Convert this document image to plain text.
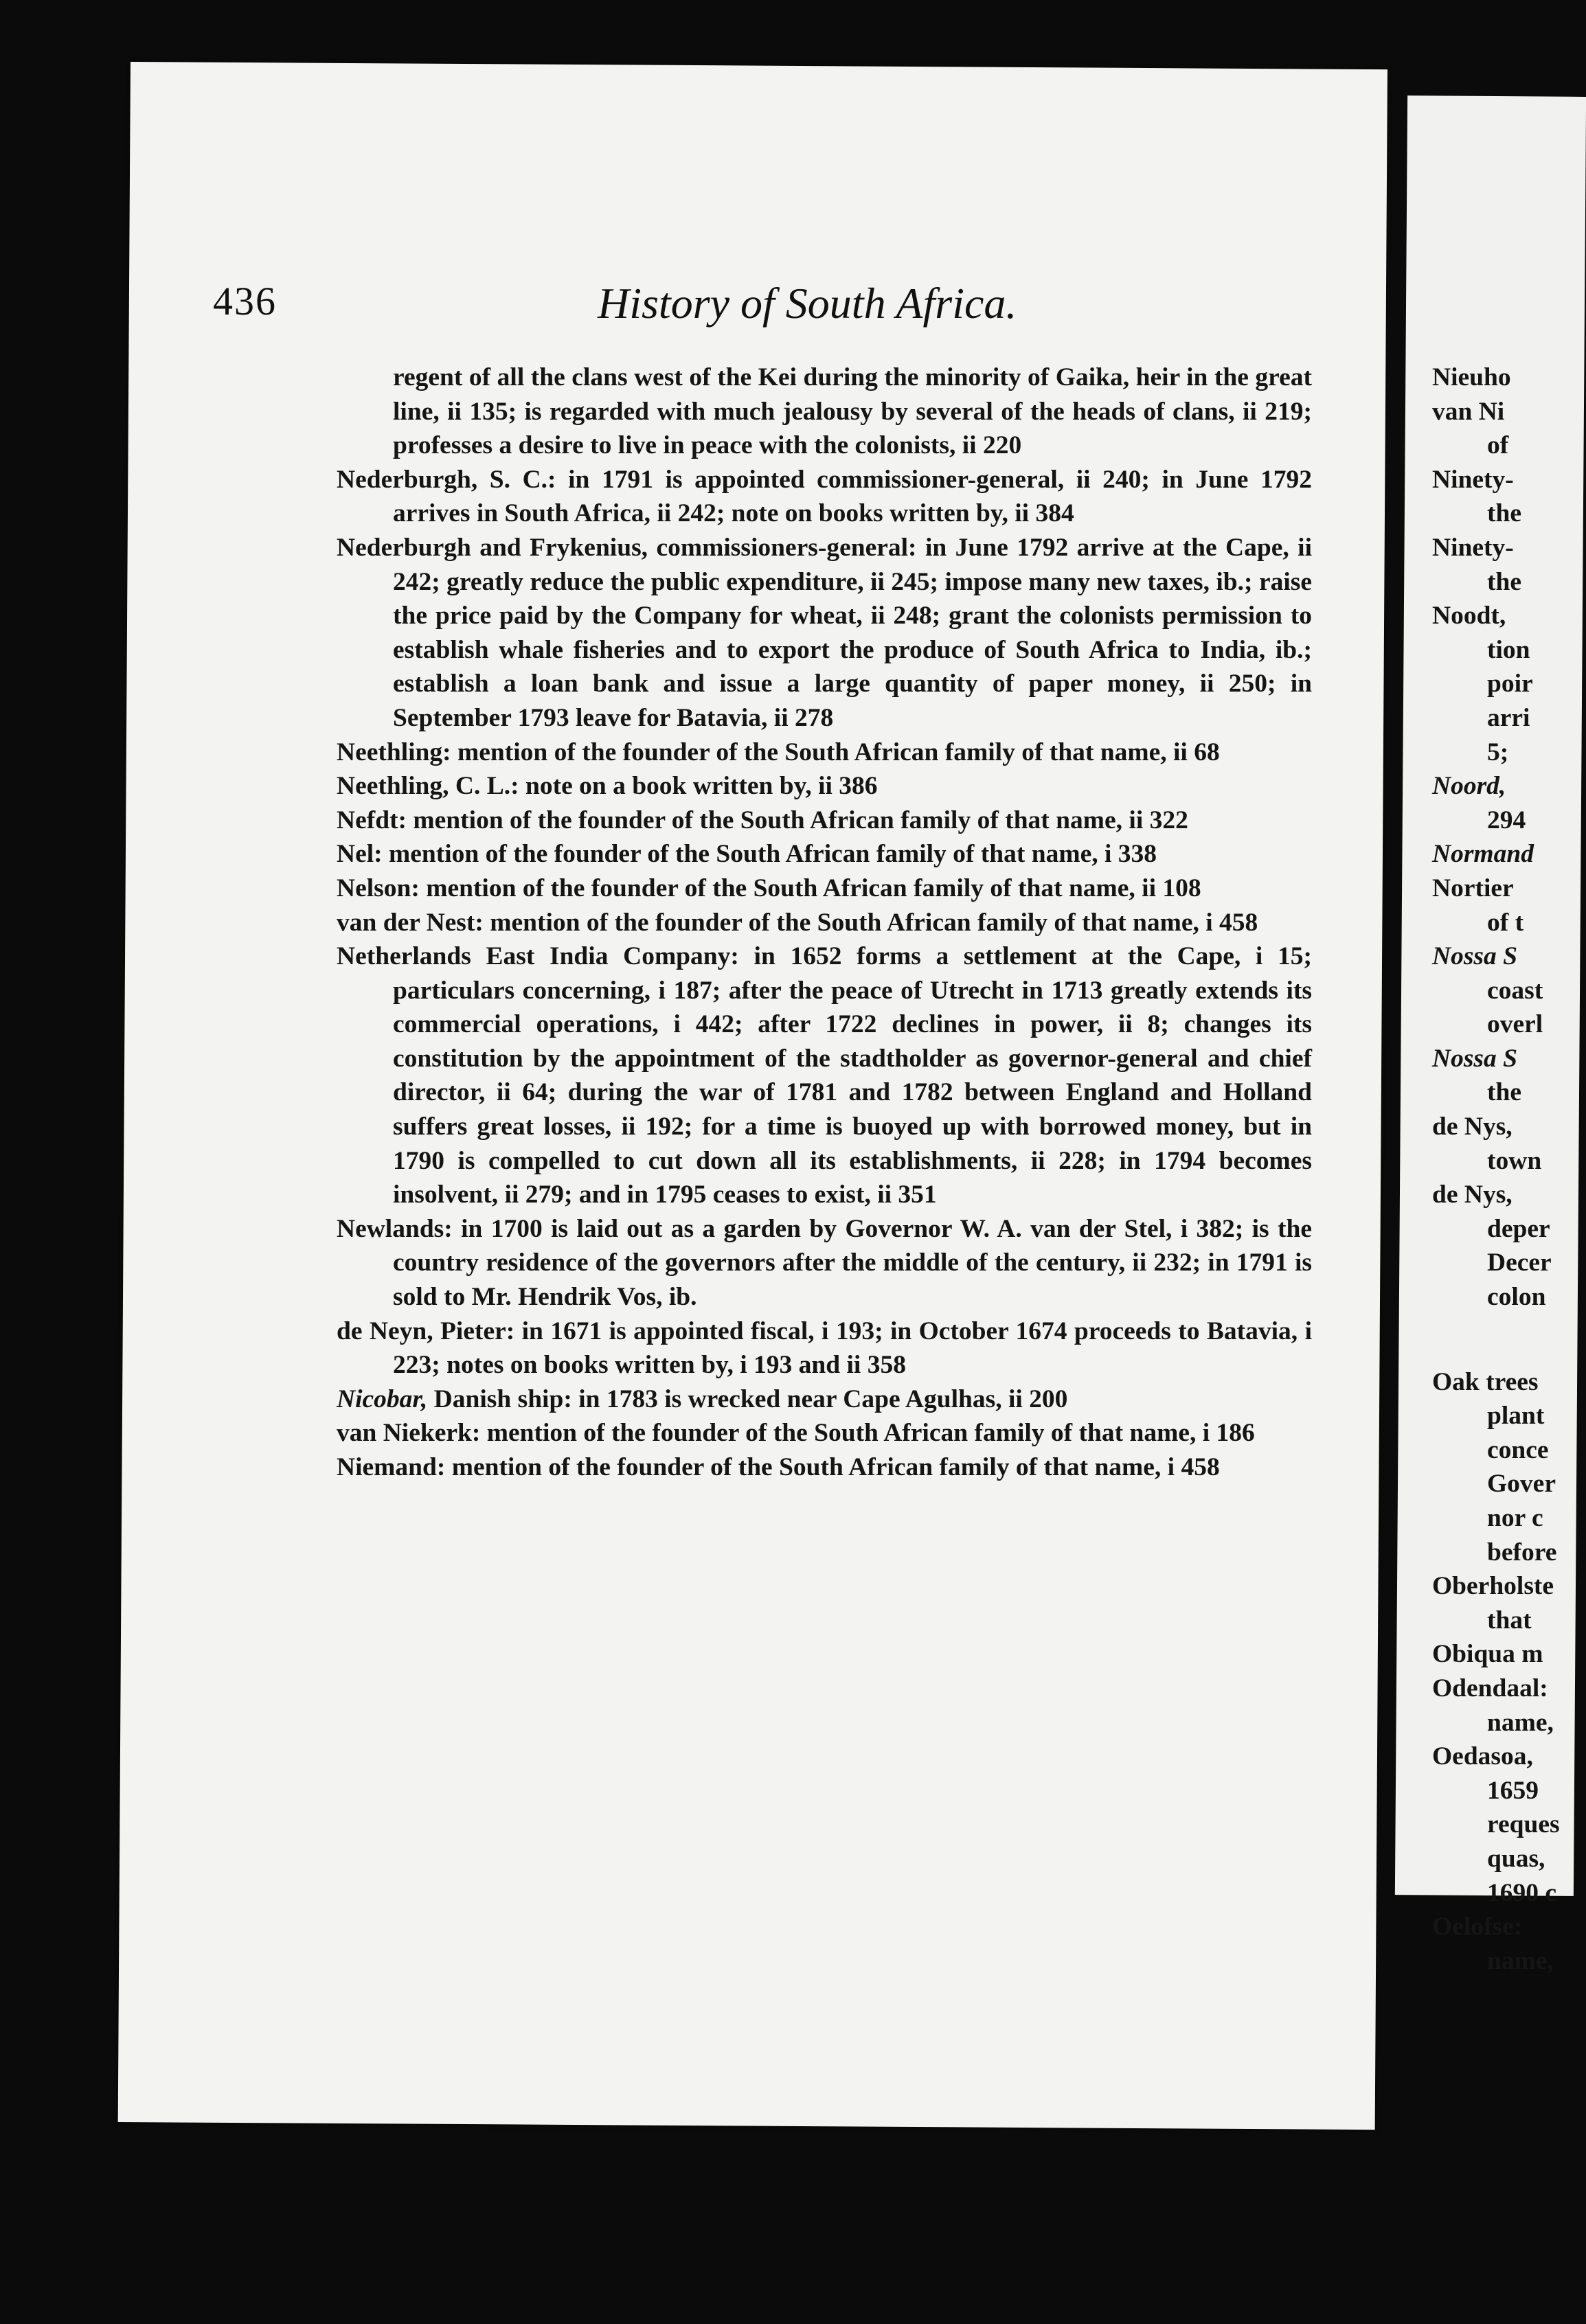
436	History of South Africa.

regent of all the clans west of the Kei during the minority of Gaika, heir in the great line, ii 135; is regarded with much jealousy by several of the heads of clans, ii 219; professes a desire to live in peace with the colonists, ii 220

Nederburgh, S. C.: in 1791 is appointed commissioner-general, ii 240; in June 1792 arrives in South Africa, ii 242; note on books written by, ii 384

Nederburgh and Frykenius, commissioners-general: in June 1792 arrive at the Cape, ii 242; greatly reduce the public expenditure, ii 245; impose many new taxes, ib.; raise the price paid by the Company for wheat, ii 248; grant the colonists permission to establish whale fisheries and to export the produce of South Africa to India, ib.; establish a loan bank and issue a large quantity of paper money, ii 250; in September 1793 leave for Batavia, ii 278

Neethling: mention of the founder of the South African family of that name, ii 68

Neethling, C. L.: note on a book written by, ii 386

Nefdt: mention of the founder of the South African family of that name, ii 322

Nel: mention of the founder of the South African family of that name, i 338

Nelson: mention of the founder of the South African family of that name, ii 108

van der Nest: mention of the founder of the South African family of that name, i 458

Netherlands East India Company: in 1652 forms a settlement at the Cape, i 15; particulars concerning, i 187; after the peace of Utrecht in 1713 greatly extends its commercial operations, i 442; after 1722 declines in power, ii 8; changes its constitution by the appointment of the stadtholder as governor-general and chief director, ii 64; during the war of 1781 and 1782 between England and Holland suffers great losses, ii 192; for a time is buoyed up with borrowed money, but in 1790 is compelled to cut down all its establishments, ii 228; in 1794 becomes insolvent, ii 279; and in 1795 ceases to exist, ii 351

Newlands: in 1700 is laid out as a garden by Governor W. A. van der Stel, i 382; is the country residence of the governors after the middle of the century, ii 232; in 1791 is sold to Mr. Hendrik Vos, ib.

de Neyn, Pieter: in 1671 is appointed fiscal, i 193; in October 1674 proceeds to Batavia, i 223; notes on books written by, i 193 and ii 358

Nicobar, Danish ship: in 1783 is wrecked near Cape Agulhas, ii 200

van Niekerk: mention of the founder of the South African family of that name, i 186

Niemand: mention of the founder of the South African family of that name, i 458

Nieuho
van Ni
of
Ninety-
the
Ninety-
the
Noodt,
tion
poir
arri
5;
Noord,
294
Normand
Nortier
of t
Nossa S
coast
overl
Nossa S
the
de Nys,
town
de Nys,
deper
Decer
colon
Oak trees
plant
conce
Gover
nor c
before
Oberholste
that
Obiqua m
Odendaal:
name,
Oedasoa,
1659
reques
quas,
1690 c
Oelofse:
name,
